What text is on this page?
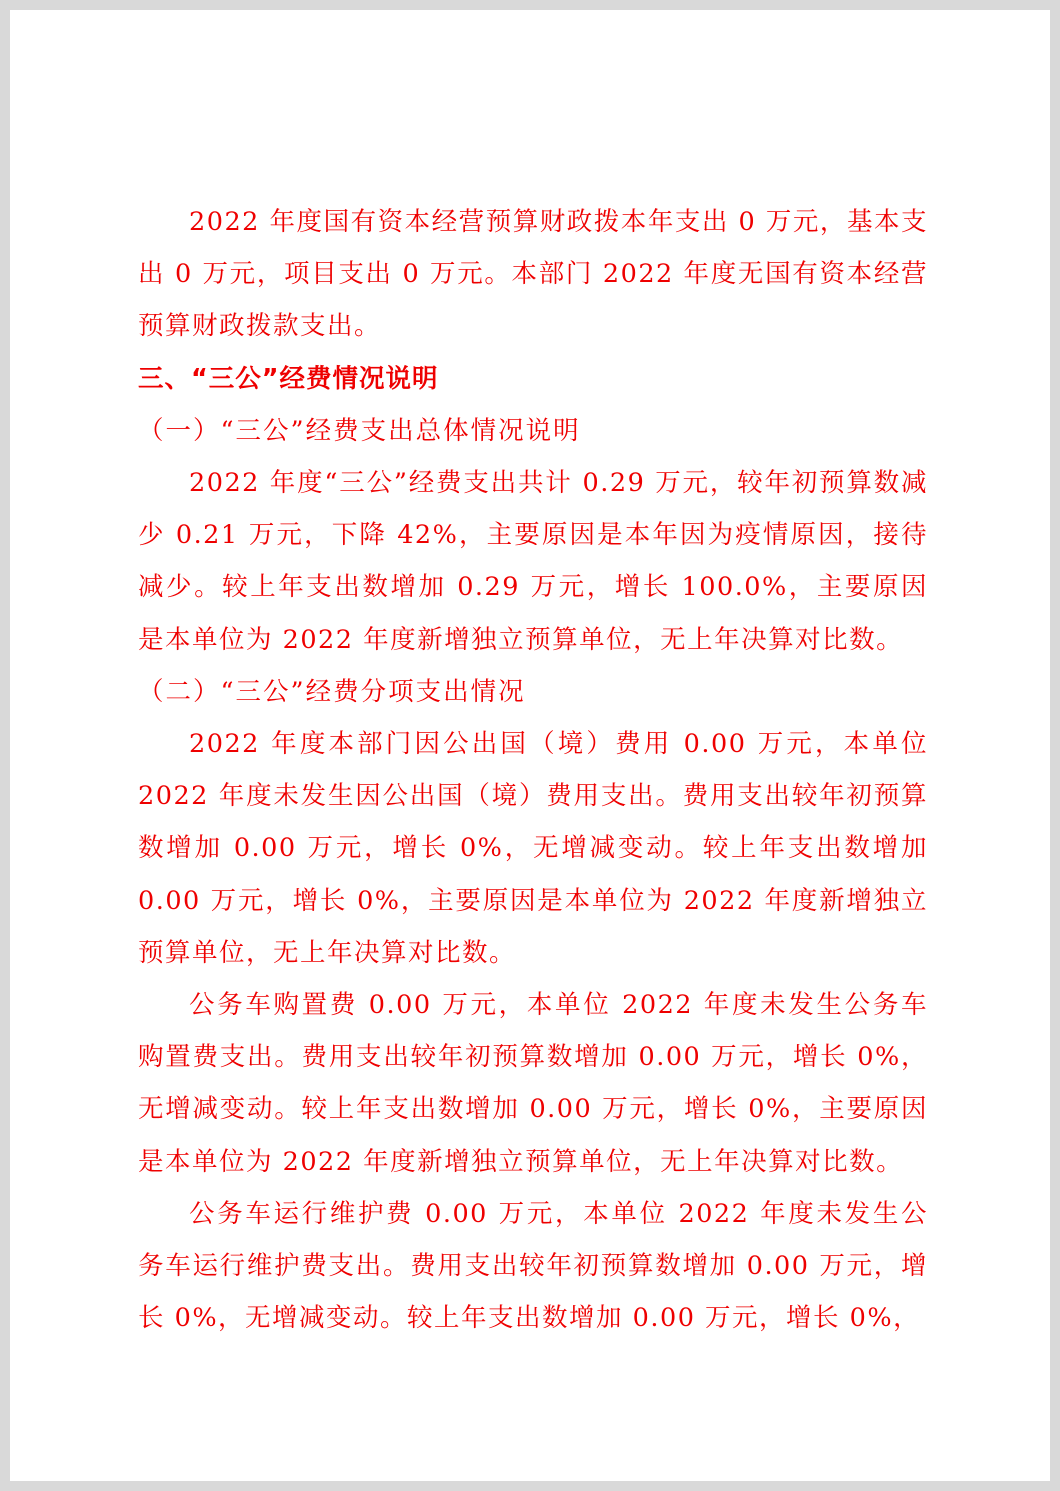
2022 年度国有资本经营预算财政拨本年支出 0 万元，基本支出 0 万元，项目支出 0 万元。本部门 2022 年度无国有资本经营预算财政拨款支出。

三、“三公”经费情况说明

（一）“三公”经费支出总体情况说明

2022 年度“三公”经费支出共计 0.29 万元，较年初预算数减少 0.21 万元，下降 42%，主要原因是本年因为疫情原因，接待减少。较上年支出数增加 0.29 万元，增长 100.0%，主要原因是本单位为 2022 年度新增独立预算单位，无上年决算对比数。

（二）“三公”经费分项支出情况

2022 年度本部门因公出国（境）费用 0.00 万元，本单位 2022 年度未发生因公出国（境）费用支出。费用支出较年初预算数增加 0.00 万元，增长 0%，无增减变动。较上年支出数增加 0.00 万元，增长 0%，主要原因是本单位为 2022 年度新增独立预算单位，无上年决算对比数。

公务车购置费 0.00 万元，本单位 2022 年度未发生公务车购置费支出。费用支出较年初预算数增加 0.00 万元，增长 0%，无增减变动。较上年支出数增加 0.00 万元，增长 0%，主要原因是本单位为 2022 年度新增独立预算单位，无上年决算对比数。

公务车运行维护费 0.00 万元，本单位 2022 年度未发生公务车运行维护费支出。费用支出较年初预算数增加 0.00 万元，增长 0%，无增减变动。较上年支出数增加 0.00 万元，增长 0%，
